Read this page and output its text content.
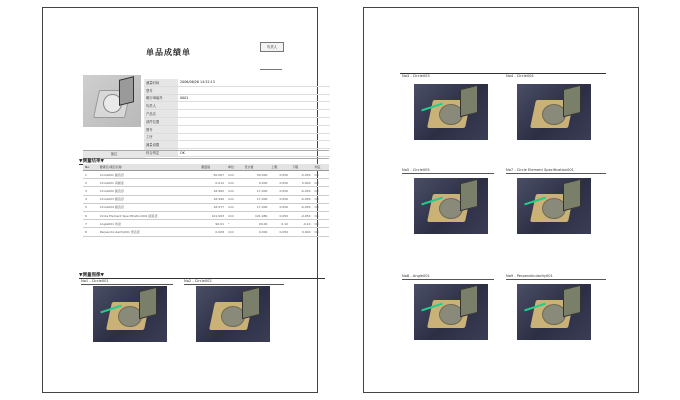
单品成绩单
负责人
测量时间	2006/06/26 14:52:13
型号	
刷行ID编号	0001
负责人	
产品名	
部件位置	
图号	
工序	
测量设置	
综合判定	OK
备注
▼测量结果▼
No.	要素名/项目名称	测量值	单位	设计值	上限	下限	判定
1	Circle001 圆直径	50.067	mm	50.000	0.050	-0.050	OK
2	Circle001 真圆度	0.012	mm	0.000	0.050	0.000	OK
3	Circle002 圆直径	16.962	mm	17.000	0.050	-0.050	OK
4	Circle003 圆直径	16.990	mm	17.000	0.050	-0.050	OK
5	Circle004 圆直径	16.977	mm	17.000	0.050	-0.050	OK
6	Circle Element Specification001 圆直径	101.963	mm	101.980	0.050	-0.050	OK
7	Angle001 角度	90.01	°	90.00	0.10	-0.10	OK
8	Perpendicularity001 垂直度	0.008	mm	0.000	0.050	0.000	OK
▼测量图像▼
No1 - Circle001	No2 - Circle002
No3 - Circle003	No4 - Circle004
No5 - Circle005	No7 - Circle Element Specification001
No8 - Angle001	No9 - Perpendicularity001
